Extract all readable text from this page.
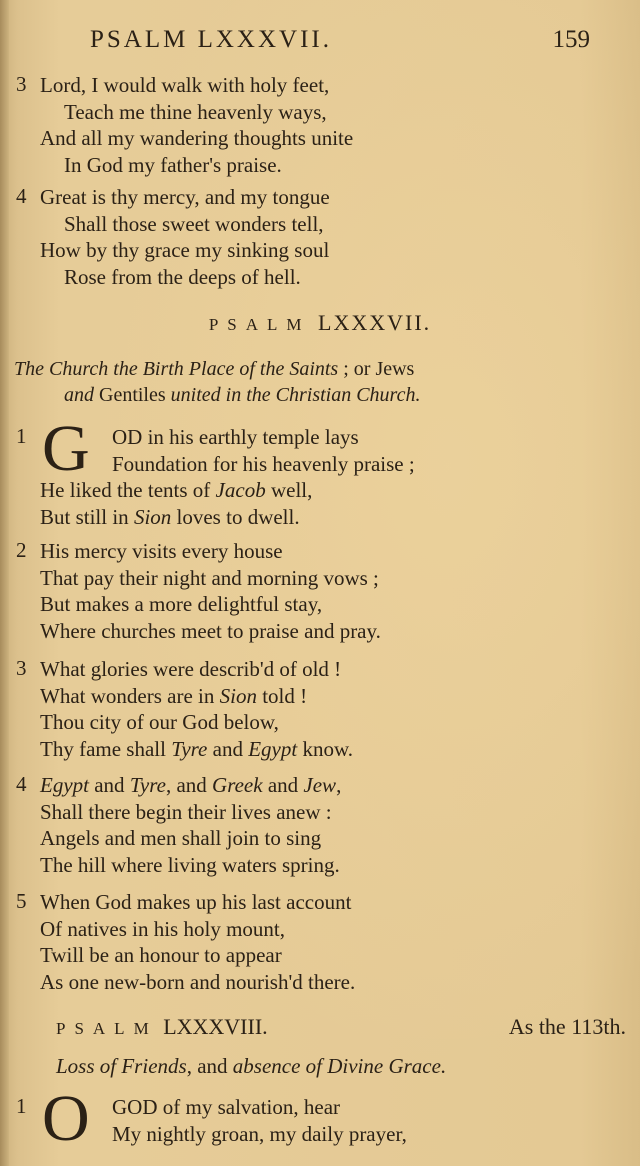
PSALM LXXXVII.	159
3 Lord, I would walk with holy feet,
Teach me thine heavenly ways,
And all my wandering thoughts unite
In God my father's praise.
4 Great is thy mercy, and my tongue
Shall those sweet wonders tell,
How by thy grace my sinking soul
Rose from the deeps of hell.
PSALM LXXXVII.
The Church the Birth Place of the Saints ; or Jews
and Gentiles united in the Christian Church.
1 G	OD in his earthly temple lays
Foundation for his heavenly praise ;
He liked the tents of Jacob well,
But still in Sion loves to dwell.
2 His mercy visits every house
That pay their night and morning vows ;
But makes a more delightful stay,
Where churches meet to praise and pray.
3 What glories were describ'd of old !
What wonders are in Sion told !
Thou city of our God below,
Thy fame shall Tyre and Egypt know.
4 Egypt and Tyre, and Greek and Jew,
Shall there begin their lives anew :
Angels and men shall join to sing
The hill where living waters spring.
5 When God makes up his last account
Of natives in his holy mount,
Twill be an honour to appear
As one new-born and nourish'd there.
PSALM LXXXVIII.	As the 113th.
Loss of Friends, and absence of Divine Grace.
1 O	GOD of my salvation, hear
My nightly groan, my daily prayer,
